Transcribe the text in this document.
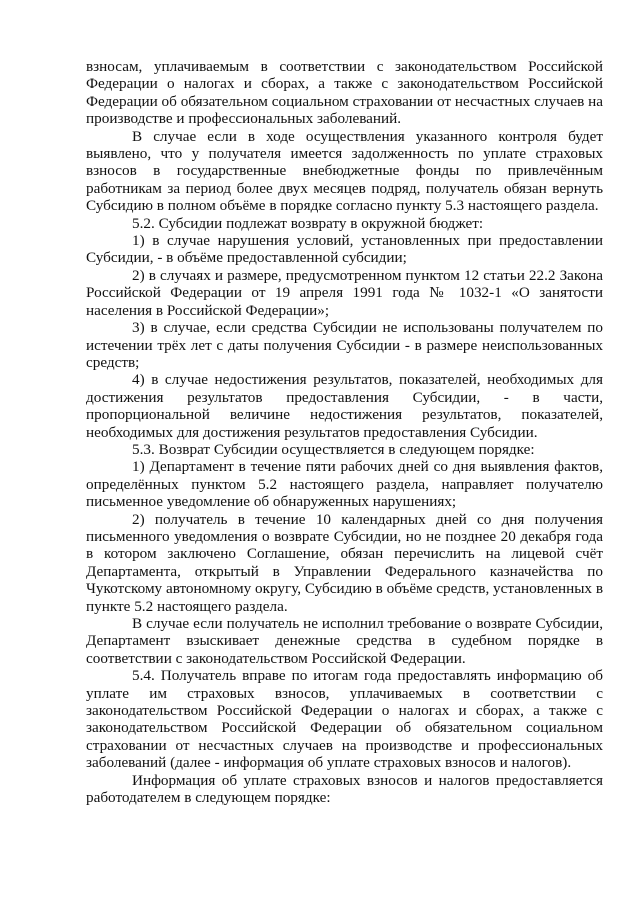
взносам, уплачиваемым в соответствии с законодательством Российской Федерации о налогах и сборах, а также с законодательством Российской Федерации об обязательном социальном страховании от несчастных случаев на производстве и профессиональных заболеваний.

В случае если в ходе осуществления указанного контроля будет выявлено, что у получателя имеется задолженность по уплате страховых взносов в государственные внебюджетные фонды по привлечённым работникам за период более двух месяцев подряд, получатель обязан вернуть Субсидию в полном объёме в порядке согласно пункту 5.3 настоящего раздела.

5.2. Субсидии подлежат возврату в окружной бюджет:

1) в случае нарушения условий, установленных при предоставлении Субсидии, - в объёме предоставленной субсидии;

2) в случаях и размере, предусмотренном пунктом 12 статьи 22.2 Закона Российской Федерации от 19 апреля 1991 года № 1032-1 «О занятости населения в Российской Федерации»;

3) в случае, если средства Субсидии не использованы получателем по истечении трёх лет с даты получения Субсидии - в размере неиспользованных средств;

4) в случае недостижения результатов, показателей, необходимых для достижения результатов предоставления Субсидии, - в части, пропорциональной величине недостижения результатов, показателей, необходимых для достижения результатов предоставления Субсидии.

5.3. Возврат Субсидии осуществляется в следующем порядке:

1) Департамент в течение пяти рабочих дней со дня выявления фактов, определённых пунктом 5.2 настоящего раздела, направляет получателю письменное уведомление об обнаруженных нарушениях;

2) получатель в течение 10 календарных дней со дня получения письменного уведомления о возврате Субсидии, но не позднее 20 декабря года в котором заключено Соглашение, обязан перечислить на лицевой счёт Департамента, открытый в Управлении Федерального казначейства по Чукотскому автономному округу, Субсидию в объёме средств, установленных в пункте 5.2 настоящего раздела.

В случае если получатель не исполнил требование о возврате Субсидии, Департамент взыскивает денежные средства в судебном порядке в соответствии с законодательством Российской Федерации.

5.4. Получатель вправе по итогам года предоставлять информацию об уплате им страховых взносов, уплачиваемых в соответствии с законодательством Российской Федерации о налогах и сборах, а также с законодательством Российской Федерации об обязательном социальном страховании от несчастных случаев на производстве и профессиональных заболеваний (далее - информация об уплате страховых взносов и налогов).

Информация об уплате страховых взносов и налогов предоставляется работодателем в следующем порядке:
